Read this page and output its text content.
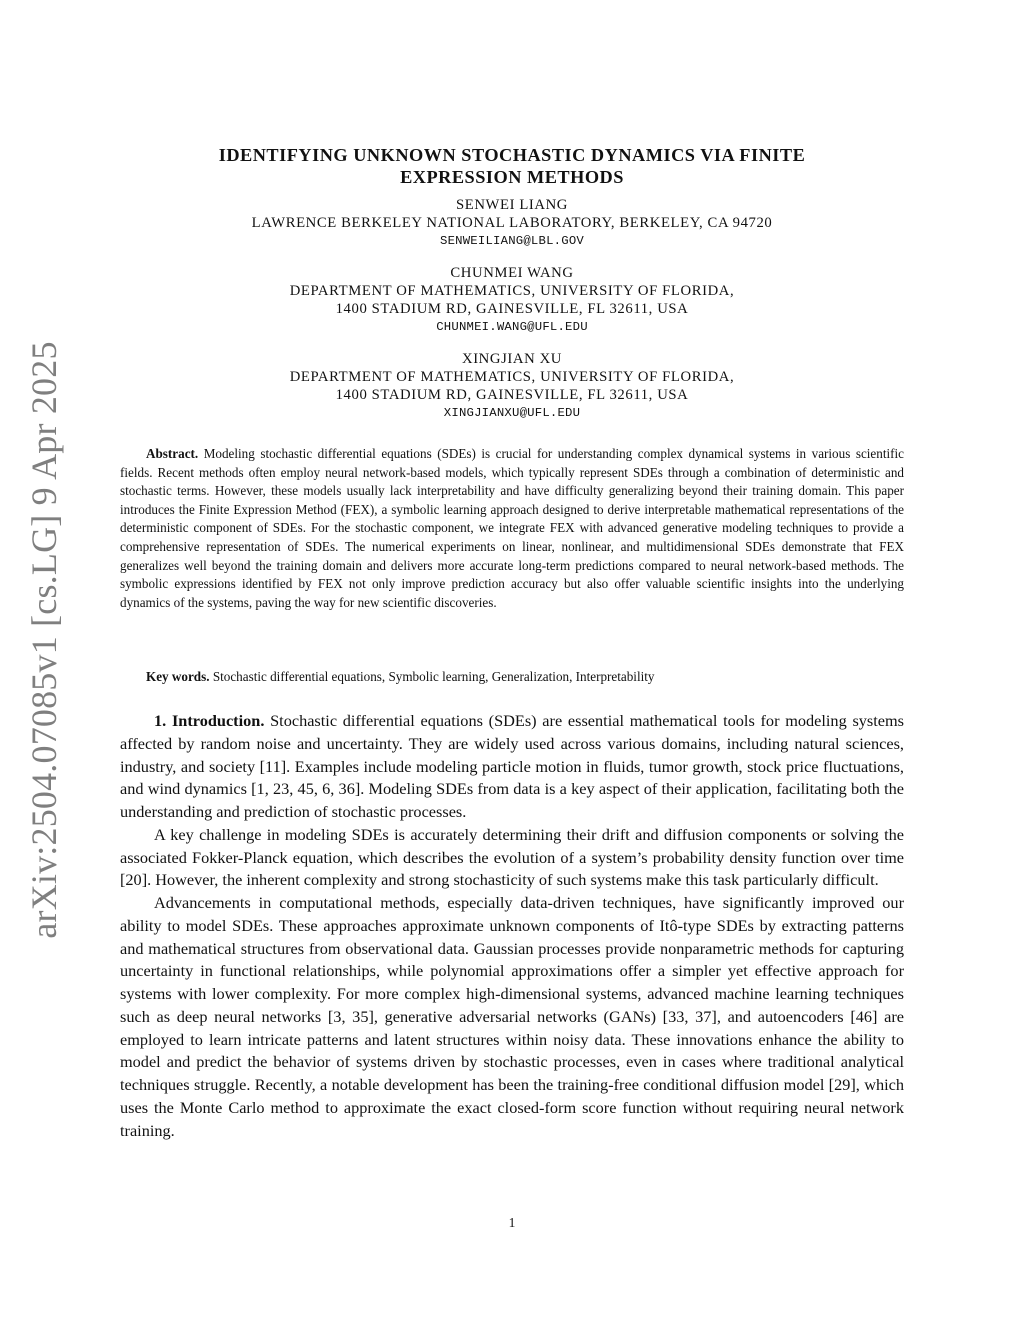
arXiv:2504.07085v1 [cs.LG] 9 Apr 2025
IDENTIFYING UNKNOWN STOCHASTIC DYNAMICS VIA FINITE
EXPRESSION METHODS
SENWEI LIANG
LAWRENCE BERKELEY NATIONAL LABORATORY, BERKELEY, CA 94720
SENWEILIANG@LBL.GOV
CHUNMEI WANG
DEPARTMENT OF MATHEMATICS, UNIVERSITY OF FLORIDA,
1400 STADIUM RD, GAINESVILLE, FL 32611, USA
CHUNMEI.WANG@UFL.EDU
XINGJIAN XU
DEPARTMENT OF MATHEMATICS, UNIVERSITY OF FLORIDA,
1400 STADIUM RD, GAINESVILLE, FL 32611, USA
XINGJIANXU@UFL.EDU
Abstract. Modeling stochastic differential equations (SDEs) is crucial for understanding complex dynamical systems in various scientific fields. Recent methods often employ neural network-based models, which typically represent SDEs through a combination of deterministic and stochastic terms. However, these models usually lack interpretability and have difficulty generalizing beyond their training domain. This paper introduces the Finite Expression Method (FEX), a symbolic learning approach designed to derive interpretable mathematical representations of the deterministic component of SDEs. For the stochastic component, we integrate FEX with advanced generative modeling techniques to provide a comprehensive representation of SDEs. The numerical experiments on linear, nonlinear, and multidimensional SDEs demonstrate that FEX generalizes well beyond the training domain and delivers more accurate long-term predictions compared to neural network-based methods. The symbolic expressions identified by FEX not only improve prediction accuracy but also offer valuable scientific insights into the underlying dynamics of the systems, paving the way for new scientific discoveries.
Key words. Stochastic differential equations, Symbolic learning, Generalization, Interpretability

1. Introduction. Stochastic differential equations (SDEs) are essential mathematical tools for modeling systems affected by random noise and uncertainty. They are widely used across various domains, including natural sciences, industry, and society [11]. Examples include modeling particle motion in fluids, tumor growth, stock price fluctuations, and wind dynamics [1, 23, 45, 6, 36]. Modeling SDEs from data is a key aspect of their application, facilitating both the understanding and prediction of stochastic processes.

A key challenge in modeling SDEs is accurately determining their drift and diffusion components or solving the associated Fokker-Planck equation, which describes the evolution of a system’s probability density function over time [20]. However, the inherent complexity and strong stochasticity of such systems make this task particularly difficult.

Advancements in computational methods, especially data-driven techniques, have significantly improved our ability to model SDEs. These approaches approximate unknown components of Itô-type SDEs by extracting patterns and mathematical structures from observational data. Gaussian processes provide nonparametric methods for capturing uncertainty in functional relationships, while polynomial approximations offer a simpler yet effective approach for systems with lower complexity. For more complex high-dimensional systems, advanced machine learning techniques such as deep neural networks [3, 35], generative adversarial networks (GANs) [33, 37], and autoencoders [46] are employed to learn intricate patterns and latent structures within noisy data. These innovations enhance the ability to model and predict the behavior of systems driven by stochastic processes, even in cases where traditional analytical techniques struggle. Recently, a notable development has been the training-free conditional diffusion model [29], which uses the Monte Carlo method to approximate the exact closed-form score function without requiring neural network training.

1
